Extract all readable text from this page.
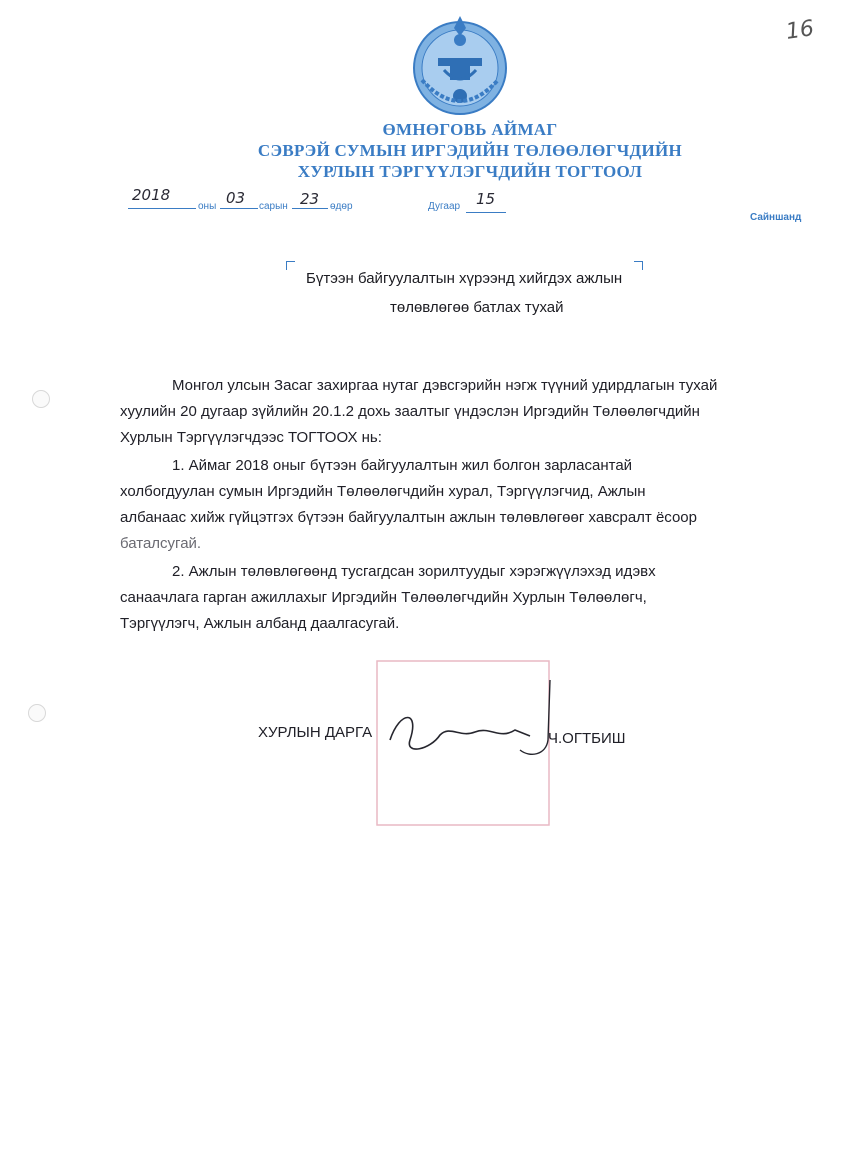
16
ӨМНӨГОВЬ АЙМАГ
СЭВРЭЙ СУМЫН ИРГЭДИЙН ТӨЛӨӨЛӨГЧДИЙН
ХУРЛЫН ТЭРГҮҮЛЭГЧДИЙН ТОГТООЛ
2018
оны 03 сарын 23 өдөр	Дугаар 15
Сайншанд
Бүтээн байгуулалтын хүрээнд хийгдэх ажлын
төлөвлөгөө батлах тухай

Монгол улсын Засаг захиргаа нутаг дэвсгэрийн нэгж түүний удирдлагын тухай

хуулийн 20 дугаар зүйлийн 20.1.2 дохь заалтыг үндэслэн Иргэдийн Төлөөлөгчдийн

Хурлын Тэргүүлэгчдээс ТОГТООХ нь:

1. Аймаг 2018 оныг бүтээн байгуулалтын жил болгон зарласантай

холбогдуулан сумын Иргэдийн Төлөөлөгчдийн хурал, Тэргүүлэгчид, Ажлын

албанаас хийж гүйцэтгэх бүтээн байгуулалтын ажлын төлөвлөгөөг хавсралт ёсоор

баталсугай.

2. Ажлын төлөвлөгөөнд тусгагдсан зорилтуудыг хэрэгжүүлэхэд идэвх

санаачлага гарган ажиллахыг Иргэдийн Төлөөлөгчдийн Хурлын Төлөөлөгч,

Тэргүүлэгч, Ажлын албанд даалгасугай.

ХУРЛЫН ДАРГА	Ч.ОГТБИШ
